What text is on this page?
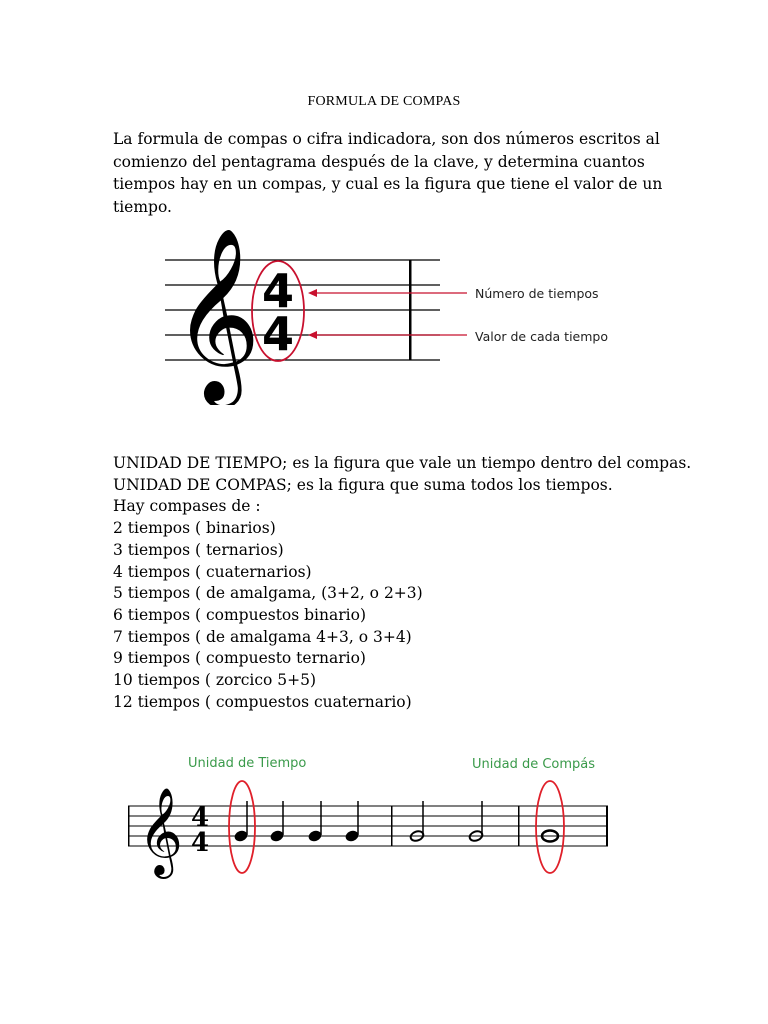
FORMULA DE COMPAS

La formula de compas o cifra indicadora, son dos números escritos al
comienzo del pentagrama después de la clave, y determina cuantos
tiempos hay en un compas, y cual es la figura que tiene el valor de un
tiempo.

𝄞 4
4
Número de tiempos
Valor de cada tiempo
UNIDAD DE TIEMPO; es la figura que vale un tiempo dentro del compas.
UNIDAD DE COMPAS; es la figura que suma todos los tiempos.
Hay compases de :
2 tiempos ( binarios)
3 tiempos ( ternarios)
4 tiempos ( cuaternarios)
5 tiempos ( de amalgama, (3+2, o 2+3)
6 tiempos ( compuestos binario)
7 tiempos ( de amalgama 4+3, o 3+4)
9 tiempos ( compuesto ternario)
10 tiempos ( zorcico 5+5)
12 tiempos ( compuestos cuaternario)
Unidad de Tiempo	Unidad de Compás
𝄞 4
4
